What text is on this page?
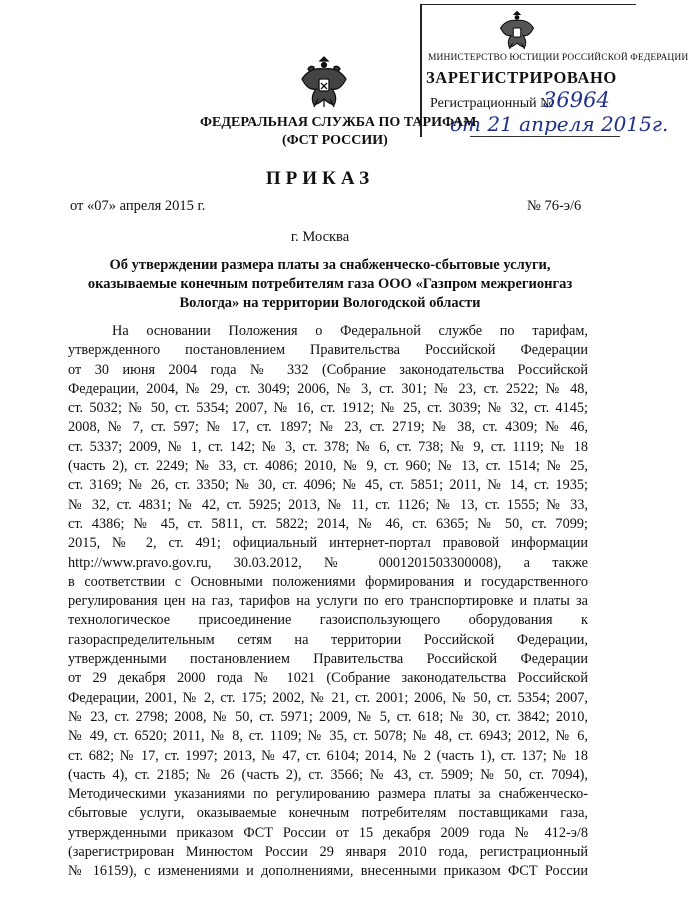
МИНИСТЕРСТВО ЮСТИЦИИ РОССИЙСКОЙ ФЕДЕРАЦИИ
ЗАРЕГИСТРИРОВАНО
Регистрационный №
36964
от 21 апреля 2015г.
ФЕДЕРАЛЬНАЯ СЛУЖБА ПО ТАРИФАМ
(ФСТ РОССИИ)
ПРИКАЗ
от «07» апреля 2015 г.	№ 76-э/6
г. Москва
Об утверждении размера платы за снабженческо-сбытовые услуги,
оказываемые конечным потребителям газа ООО «Газпром межрегионгаз
Вологда» на территории Вологодской области
На основании Положения о Федеральной службе по тарифам,
утвержденного постановлением Правительства Российской Федерации
от 30 июня 2004 года № 332 (Собрание законодательства Российской
Федерации, 2004, № 29, ст. 3049; 2006, № 3, ст. 301; № 23, ст. 2522; № 48,
ст. 5032; № 50, ст. 5354; 2007, № 16, ст. 1912; № 25, ст. 3039; № 32, ст. 4145;
2008, № 7, ст. 597; № 17, ст. 1897; № 23, ст. 2719; № 38, ст. 4309; № 46,
ст. 5337; 2009, № 1, ст. 142; № 3, ст. 378; № 6, ст. 738; № 9, ст. 1119; № 18
(часть 2), ст. 2249; № 33, ст. 4086; 2010, № 9, ст. 960; № 13, ст. 1514; № 25,
ст. 3169; № 26, ст. 3350; № 30, ст. 4096; № 45, ст. 5851; 2011, № 14, ст. 1935;
№ 32, ст. 4831; № 42, ст. 5925; 2013, № 11, ст. 1126; № 13, ст. 1555; № 33,
ст. 4386; № 45, ст. 5811, ст. 5822; 2014, № 46, ст. 6365; № 50, ст. 7099;
2015, № 2, ст. 491; официальный интернет-портал правовой информации
http://www.pravo.gov.ru, 30.03.2012, № 0001201503300008), а также
в соответствии с Основными положениями формирования и государственного
регулирования цен на газ, тарифов на услуги по его транспортировке и платы за
технологическое присоединение газоиспользующего оборудования к
газораспределительным сетям на территории Российской Федерации,
утвержденными постановлением Правительства Российской Федерации
от 29 декабря 2000 года № 1021 (Собрание законодательства Российской
Федерации, 2001, № 2, ст. 175; 2002, № 21, ст. 2001; 2006, № 50, ст. 5354; 2007,
№ 23, ст. 2798; 2008, № 50, ст. 5971; 2009, № 5, ст. 618; № 30, ст. 3842; 2010,
№ 49, ст. 6520; 2011, № 8, ст. 1109; № 35, ст. 5078; № 48, ст. 6943; 2012, № 6,
ст. 682; № 17, ст. 1997; 2013, № 47, ст. 6104; 2014, № 2 (часть 1), ст. 137; № 18
(часть 4), ст. 2185; № 26 (часть 2), ст. 3566; № 43, ст. 5909; № 50, ст. 7094),
Методическими указаниями по регулированию размера платы за снабженческо-
сбытовые услуги, оказываемые конечным потребителям поставщиками газа,
утвержденными приказом ФСТ России от 15 декабря 2009 года № 412-э/8
(зарегистрирован Минюстом России 29 января 2010 года, регистрационный
№ 16159), с изменениями и дополнениями, внесенными приказом ФСТ России
